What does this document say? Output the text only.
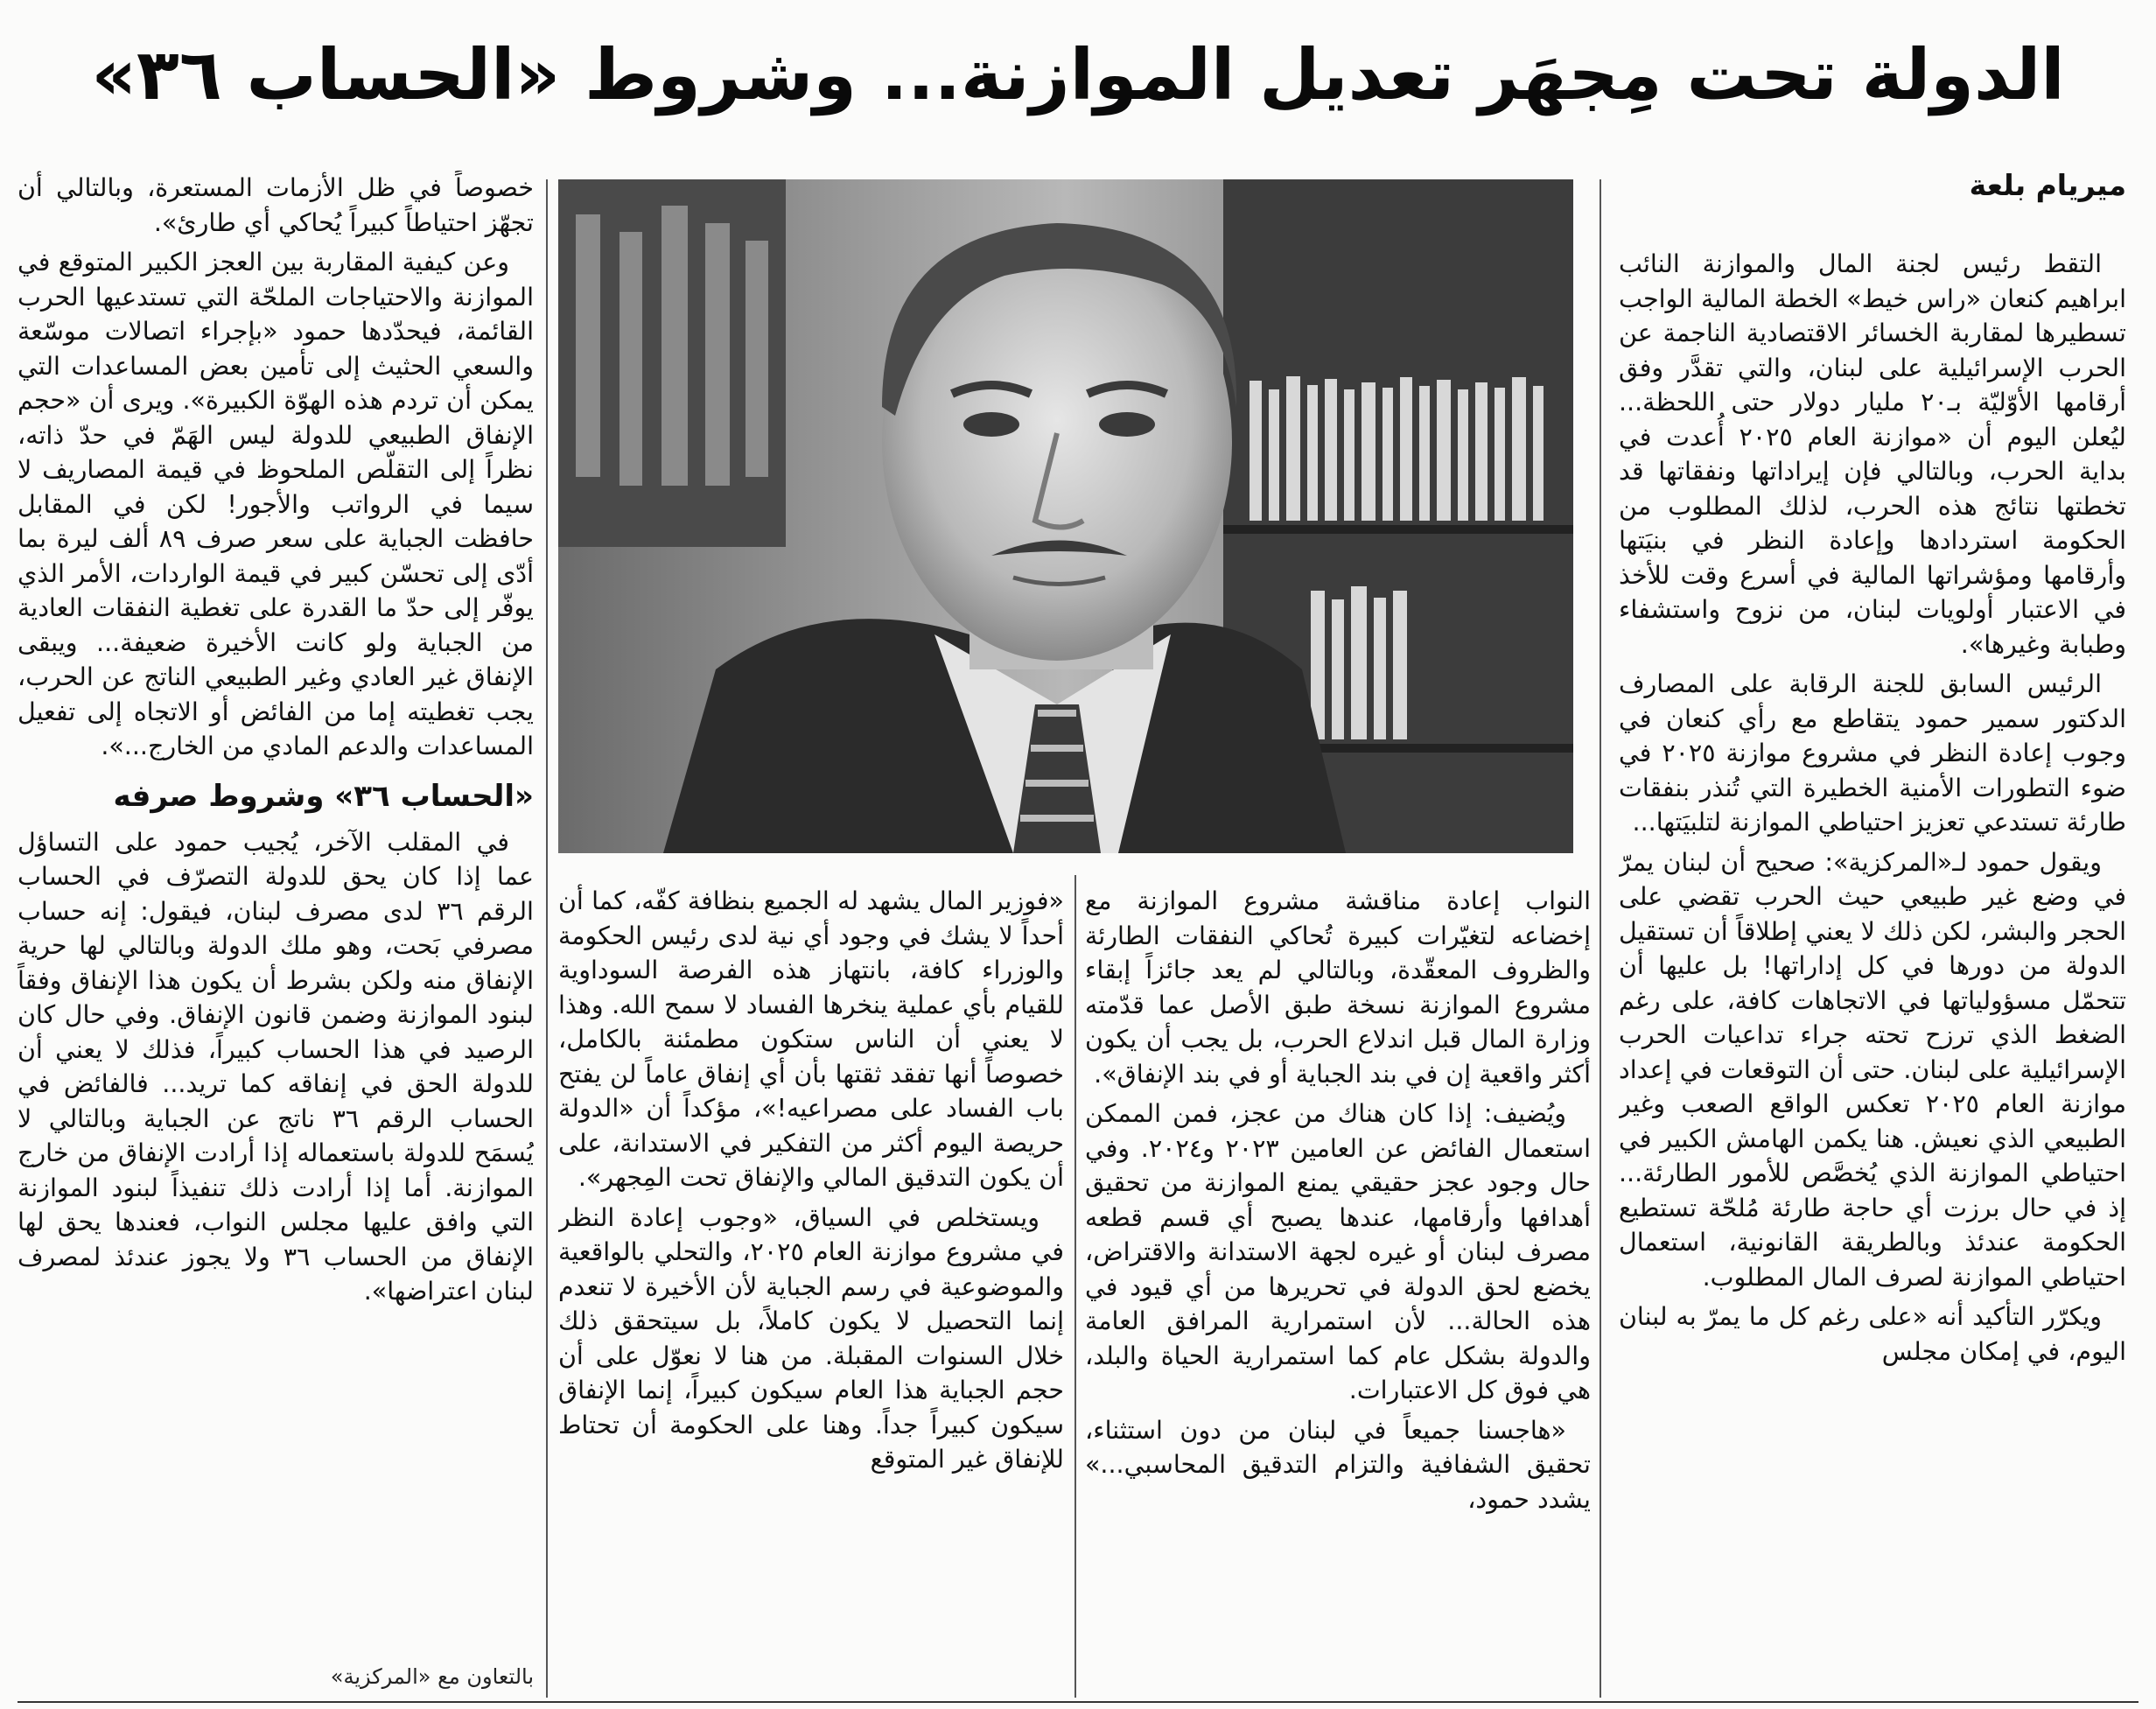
الدولة تحت مِجهَر تعديل الموازنة... وشروط «الحساب ٣٦»
ميريام بلعة

التقط رئيس لجنة المال والموازنة النائب ابراهيم كنعان «راس خيط» الخطة المالية الواجب تسطيرها لمقاربة الخسائر الاقتصادية الناجمة عن الحرب الإسرائيلية على لبنان، والتي تقدَّر وفق أرقامها الأوّليّة بـ٢٠ مليار دولار حتى اللحظة... ليُعلن اليوم أن «موازنة العام ٢٠٢٥ أُعدت في بداية الحرب، وبالتالي فإن إيراداتها ونفقاتها قد تخطتها نتائج هذه الحرب، لذلك المطلوب من الحكومة استردادها وإعادة النظر في بنيَتها وأرقامها ومؤشراتها المالية في أسرع وقت للأخذ في الاعتبار أولويات لبنان، من نزوح واستشفاء وطبابة وغيرها».

الرئيس السابق للجنة الرقابة على المصارف الدكتور سمير حمود يتقاطع مع رأي كنعان في وجوب إعادة النظر في مشروع موازنة ٢٠٢٥ في ضوء التطورات الأمنية الخطيرة التي تُنذر بنفقات طارئة تستدعي تعزيز احتياطي الموازنة لتلبيَتها...

ويقول حمود لـ«المركزية»: صحيح أن لبنان يمرّ في وضع غير طبيعي حيث الحرب تقضي على الحجر والبشر، لكن ذلك لا يعني إطلاقاً أن تستقيل الدولة من دورها في كل إداراتها! بل عليها أن تتحمّل مسؤولياتها في الاتجاهات كافة، على رغم الضغط الذي ترزح تحته جراء تداعيات الحرب الإسرائيلية على لبنان. حتى أن التوقعات في إعداد موازنة العام ٢٠٢٥ تعكس الواقع الصعب وغير الطبيعي الذي نعيش. هنا يكمن الهامش الكبير في احتياطي الموازنة الذي يُخصَّص للأمور الطارئة... إذ في حال برزت أي حاجة طارئة مُلحّة تستطيع الحكومة عندئذ وبالطريقة القانونية، استعمال احتياطي الموازنة لصرف المال المطلوب.

ويكرّر التأكيد أنه «على رغم كل ما يمرّ به لبنان اليوم، في إمكان مجلس

النواب إعادة مناقشة مشروع الموازنة مع إخضاعه لتغيّرات كبيرة تُحاكي النفقات الطارئة والظروف المعقّدة، وبالتالي لم يعد جائزاً إبقاء مشروع الموازنة نسخة طبق الأصل عما قدّمته وزارة المال قبل اندلاع الحرب، بل يجب أن يكون أكثر واقعية إن في بند الجباية أو في بند الإنفاق».

ويُضيف: إذا كان هناك من عجز، فمن الممكن استعمال الفائض عن العامين ٢٠٢٣ و٢٠٢٤. وفي حال وجود عجز حقيقي يمنع الموازنة من تحقيق أهدافها وأرقامها، عندها يصبح أي قسم قطعه مصرف لبنان أو غيره لجهة الاستدانة والاقتراض، يخضع لحق الدولة في تحريرها من أي قيود في هذه الحالة... لأن استمرارية المرافق العامة والدولة بشكل عام كما استمرارية الحياة والبلد، هي فوق كل الاعتبارات.

«هاجسنا جميعاً في لبنان من دون استثناء، تحقيق الشفافية والتزام التدقيق المحاسبي...» يشدد حمود،

«فوزير المال يشهد له الجميع بنظافة كفّه، كما أن أحداً لا يشك في وجود أي نية لدى رئيس الحكومة والوزراء كافة، بانتهاز هذه الفرصة السوداوية للقيام بأي عملية ينخرها الفساد لا سمح الله. وهذا لا يعني أن الناس ستكون مطمئنة بالكامل، خصوصاً أنها تفقد ثقتها بأن أي إنفاق عاماً لن يفتح باب الفساد على مصراعيه!»، مؤكداً أن «الدولة حريصة اليوم أكثر من التفكير في الاستدانة، على أن يكون التدقيق المالي والإنفاق تحت المِجهر».

ويستخلص في السياق، «وجوب إعادة النظر في مشروع موازنة العام ٢٠٢٥، والتحلي بالواقعية والموضوعية في رسم الجباية لأن الأخيرة لا تنعدم إنما التحصيل لا يكون كاملاً، بل سيتحقق ذلك خلال السنوات المقبلة. من هنا لا نعوّل على أن حجم الجباية هذا العام سيكون كبيراً، إنما الإنفاق سيكون كبيراً جداً. وهنا على الحكومة أن تحتاط للإنفاق غير المتوقع

خصوصاً في ظل الأزمات المستعرة، وبالتالي أن تجهّز احتياطاً كبيراً يُحاكي أي طارئ».

وعن كيفية المقاربة بين العجز الكبير المتوقع في الموازنة والاحتياجات الملحّة التي تستدعيها الحرب القائمة، فيحدّدها حمود «بإجراء اتصالات موسّعة والسعي الحثيث إلى تأمين بعض المساعدات التي يمكن أن تردم هذه الهوّة الكبيرة». ويرى أن «حجم الإنفاق الطبيعي للدولة ليس الهَمّ في حدّ ذاته، نظراً إلى التقلّص الملحوظ في قيمة المصاريف لا سيما في الرواتب والأجور! لكن في المقابل حافظت الجباية على سعر صرف ٨٩ ألف ليرة بما أدّى إلى تحسّن كبير في قيمة الواردات، الأمر الذي يوفّر إلى حدّ ما القدرة على تغطية النفقات العادية من الجباية ولو كانت الأخيرة ضعيفة... ويبقى الإنفاق غير العادي وغير الطبيعي الناتج عن الحرب، يجب تغطيته إما من الفائض أو الاتجاه إلى تفعيل المساعدات والدعم المادي من الخارج...».

«الحساب ٣٦» وشروط صرفه

في المقلب الآخر، يُجيب حمود على التساؤل عما إذا كان يحق للدولة التصرّف في الحساب الرقم ٣٦ لدى مصرف لبنان، فيقول: إنه حساب مصرفي بَحت، وهو ملك الدولة وبالتالي لها حرية الإنفاق منه ولكن بشرط أن يكون هذا الإنفاق وفقاً لبنود الموازنة وضمن قانون الإنفاق. وفي حال كان الرصيد في هذا الحساب كبيراً، فذلك لا يعني أن للدولة الحق في إنفاقه كما تريد... فالفائض في الحساب الرقم ٣٦ ناتج عن الجباية وبالتالي لا يُسمَح للدولة باستعماله إذا أرادت الإنفاق من خارج الموازنة. أما إذا أرادت ذلك تنفيذاً لبنود الموازنة التي وافق عليها مجلس النواب، فعندها يحق لها الإنفاق من الحساب ٣٦ ولا يجوز عندئذ لمصرف لبنان اعتراضها».

بالتعاون مع «المركزية»
